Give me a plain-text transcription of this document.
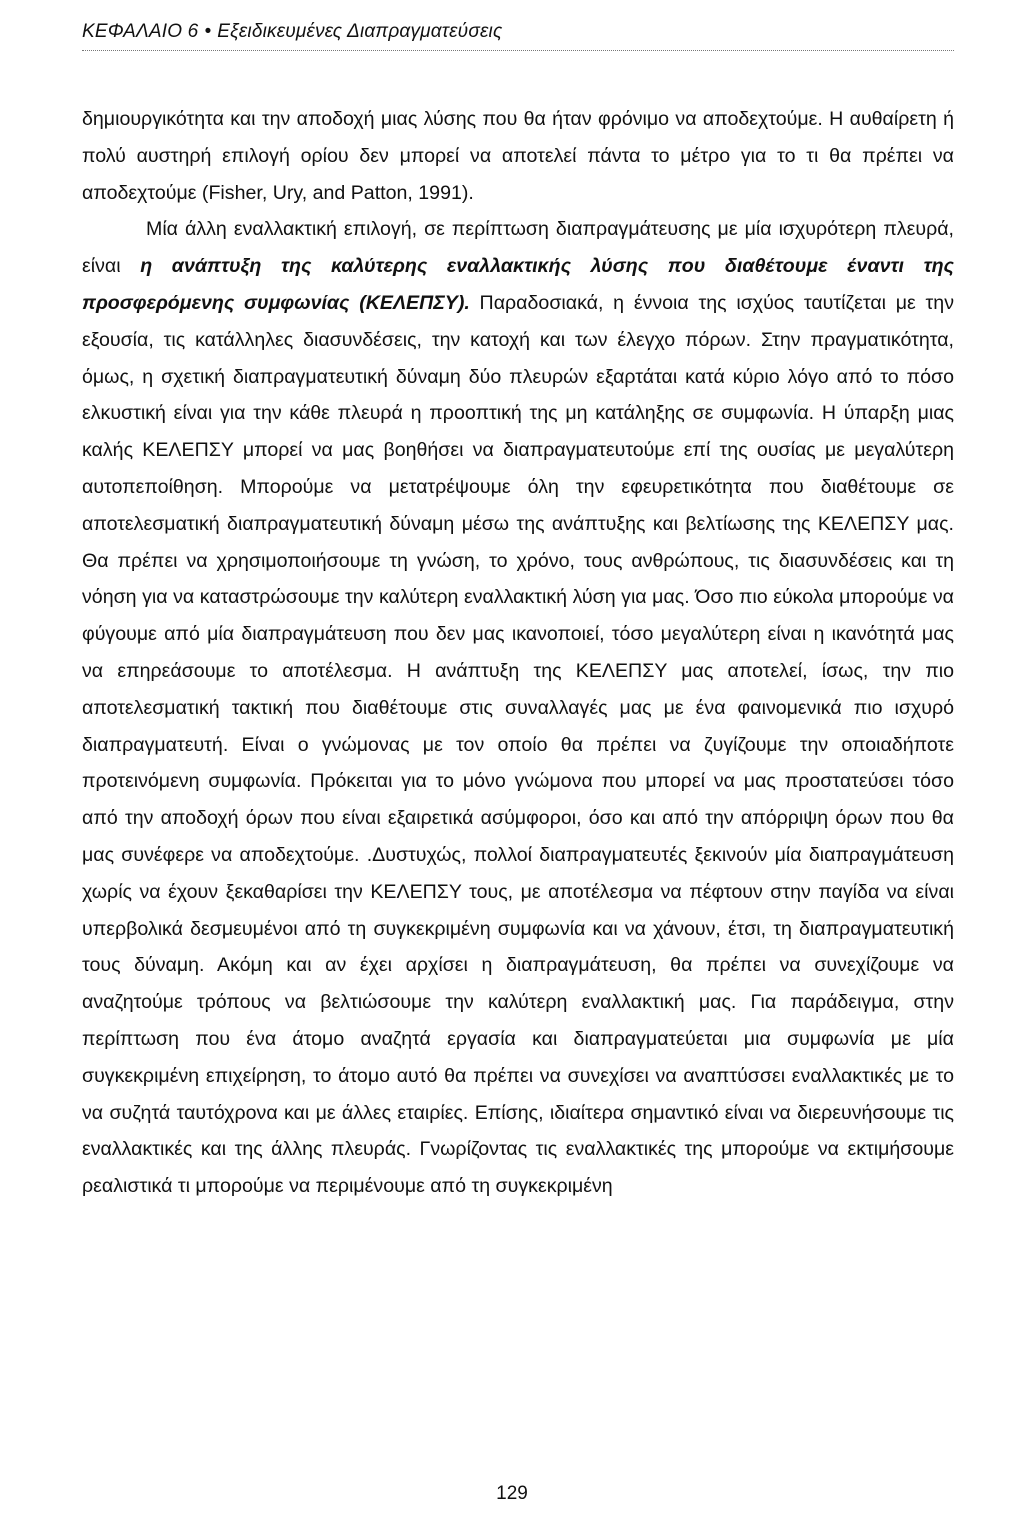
ΚΕΦΑΛΑΙΟ 6 • Εξειδικευμένες Διαπραγματεύσεις

δημιουργικότητα και την αποδοχή μιας λύσης που θα ήταν φρόνιμο να αποδεχτούμε. Η αυθαίρετη ή πολύ αυστηρή επιλογή ορίου δεν μπορεί να αποτελεί πάντα το μέτρο για το τι θα πρέπει να αποδεχτούμε (Fisher, Ury, and Patton, 1991).

Μία άλλη εναλλακτική επιλογή, σε περίπτωση διαπραγμάτευσης με μία ισχυρότερη πλευρά, είναι η ανάπτυξη της καλύτερης εναλλακτικής λύσης που διαθέτουμε έναντι της προσφερόμενης συμφωνίας (ΚΕΛΕΠΣΥ). Παραδοσιακά, η έννοια της ισχύος ταυτίζεται με την εξουσία, τις κατάλληλες διασυνδέσεις, την κατοχή και των έλεγχο πόρων. Στην πραγματικότητα, όμως, η σχετική διαπραγματευτική δύναμη δύο πλευρών εξαρτάται κατά κύριο λόγο από το πόσο ελκυστική είναι για την κάθε πλευρά η προοπτική της μη κατάληξης σε συμφωνία. Η ύπαρξη μιας καλής ΚΕΛΕΠΣΥ μπορεί να μας βοηθήσει να διαπραγματευτούμε επί της ουσίας με μεγαλύτερη αυτοπεποίθηση. Μπορούμε να μετατρέψουμε όλη την εφευρετικότητα που διαθέτουμε σε αποτελεσματική διαπραγματευτική δύναμη μέσω της ανάπτυξης και βελτίωσης της ΚΕΛΕΠΣΥ μας. Θα πρέπει να χρησιμοποιήσουμε τη γνώση, το χρόνο, τους ανθρώπους, τις διασυνδέσεις και τη νόηση για να καταστρώσουμε την καλύτερη εναλλακτική λύση για μας. Όσο πιο εύκολα μπορούμε να φύγουμε από μία διαπραγμάτευση που δεν μας ικανοποιεί, τόσο μεγαλύτερη είναι η ικανότητά μας να επηρεάσουμε το αποτέλεσμα. Η ανάπτυξη της ΚΕΛΕΠΣΥ μας αποτελεί, ίσως, την πιο αποτελεσματική τακτική που διαθέτουμε στις συναλλαγές μας με ένα φαινομενικά πιο ισχυρό διαπραγματευτή. Είναι ο γνώμονας με τον οποίο θα πρέπει να ζυγίζουμε την οποιαδήποτε προτεινόμενη συμφωνία. Πρόκειται για το μόνο γνώμονα που μπορεί να μας προστατεύσει τόσο από την αποδοχή όρων που είναι εξαιρετικά ασύμφοροι, όσο και από την απόρριψη όρων που θα μας συνέφερε να αποδεχτούμε. .Δυστυχώς, πολλοί διαπραγματευτές ξεκινούν μία διαπραγμάτευση χωρίς να έχουν ξεκαθαρίσει την ΚΕΛΕΠΣΥ τους, με αποτέλεσμα να πέφτουν στην παγίδα να είναι υπερβολικά δεσμευμένοι από τη συγκεκριμένη συμφωνία και να χάνουν, έτσι, τη διαπραγματευτική τους δύναμη. Ακόμη και αν έχει αρχίσει η διαπραγμάτευση, θα πρέπει να συνεχίζουμε να αναζητούμε τρόπους να βελτιώσουμε την καλύτερη εναλλακτική μας. Για παράδειγμα, στην περίπτωση που ένα άτομο αναζητά εργασία και διαπραγματεύεται μια συμφωνία με μία συγκεκριμένη επιχείρηση, το άτομο αυτό θα πρέπει να συνεχίσει να αναπτύσσει εναλλακτικές με το να συζητά ταυτόχρονα και με άλλες εταιρίες. Επίσης, ιδιαίτερα σημαντικό είναι να διερευνήσουμε τις εναλλακτικές και της άλλης πλευράς. Γνωρίζοντας τις εναλλακτικές της μπορούμε να εκτιμήσουμε ρεαλιστικά τι μπορούμε να περιμένουμε από τη συγκεκριμένη

129
